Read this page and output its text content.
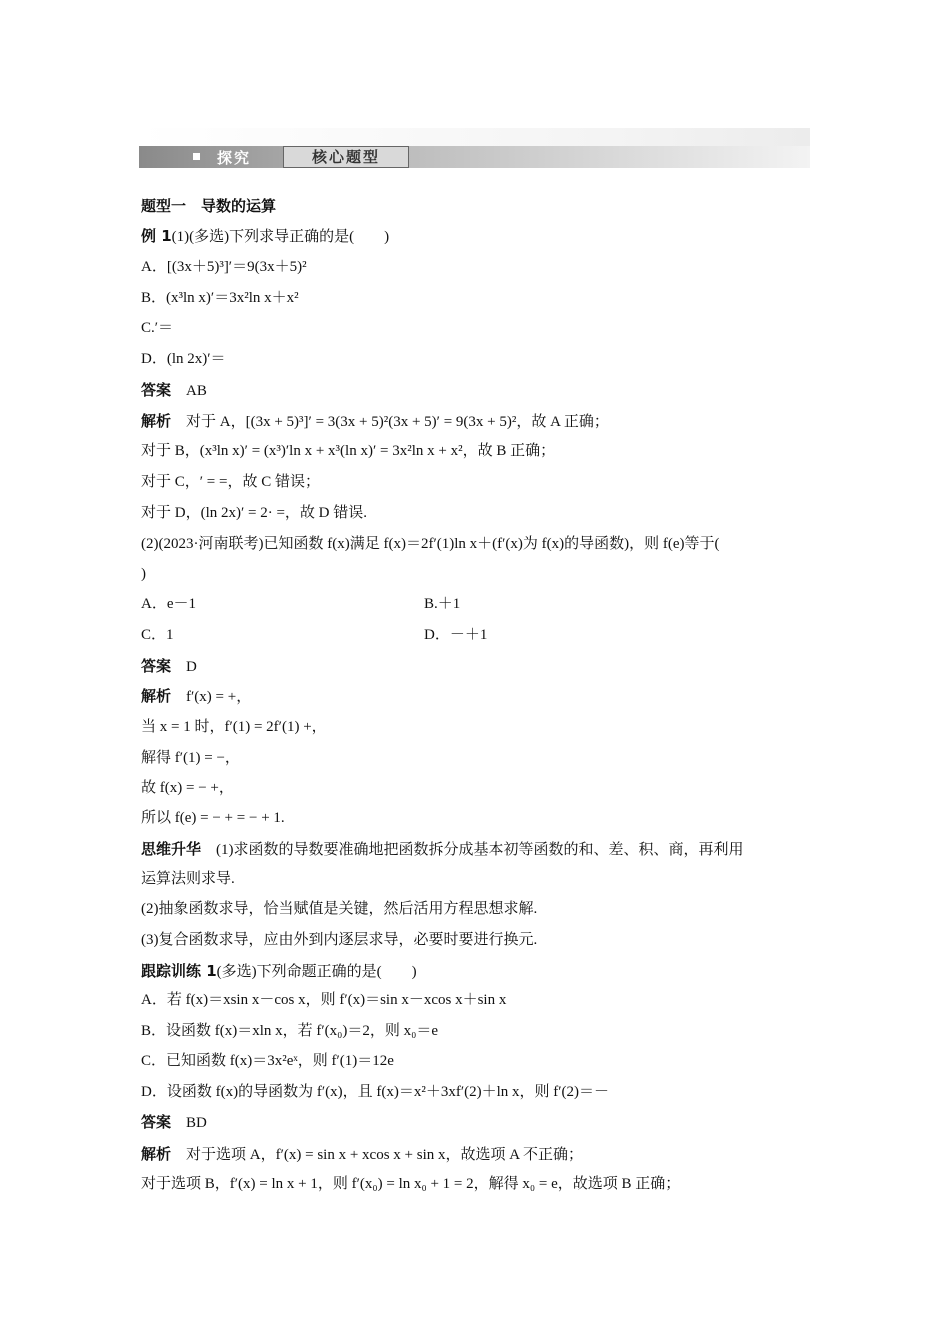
探究	核心题型
题型一　导数的运算
例 1(1)(多选)下列求导正确的是(　　)
A．[(3x＋5)³]′＝9(3x＋5)²
B．(x³ln x)′＝3x²ln x＋x²
C.′＝
D．(ln 2x)′＝
答案　AB
解析　对于 A，[(3x + 5)³]′ = 3(3x + 5)²(3x + 5)′ = 9(3x + 5)²，故 A 正确；
对于 B，(x³ln x)′ = (x³)′ln x + x³(ln x)′ = 3x²ln x + x²，故 B 正确；
对于 C，′ = =，故 C 错误；
对于 D，(ln 2x)′ = 2· =，故 D 错误.
(2)(2023·河南联考)已知函数 f(x)满足 f(x)＝2f′(1)ln x＋(f′(x)为 f(x)的导函数)，则 f(e)等于(
)
A．e－1	B.＋1
C．1	D．－＋1
答案　D
解析　f′(x) = +，
当 x = 1 时，f′(1) = 2f′(1) +，
解得 f′(1) = −，
故 f(x) = − +，
所以 f(e) = − + = − + 1.
思维升华　(1)求函数的导数要准确地把函数拆分成基本初等函数的和、差、积、商，再利用
运算法则求导.
(2)抽象函数求导，恰当赋值是关键，然后活用方程思想求解.
(3)复合函数求导，应由外到内逐层求导，必要时要进行换元.
跟踪训练 1(多选)下列命题正确的是(　　)
A．若 f(x)＝xsin x－cos x，则 f′(x)＝sin x－xcos x＋sin x
B．设函数 f(x)＝xln x，若 f′(x₀)＝2，则 x₀＝e
C．已知函数 f(x)＝3x²eˣ，则 f′(1)＝12e
D．设函数 f(x)的导函数为 f′(x)，且 f(x)＝x²＋3xf′(2)＋ln x，则 f′(2)＝－
答案　BD
解析　对于选项 A，f′(x) = sin x + xcos x + sin x，故选项 A 不正确；
对于选项 B，f′(x) = ln x + 1，则 f′(x₀) = ln x₀ + 1 = 2，解得 x₀ = e，故选项 B 正确；
